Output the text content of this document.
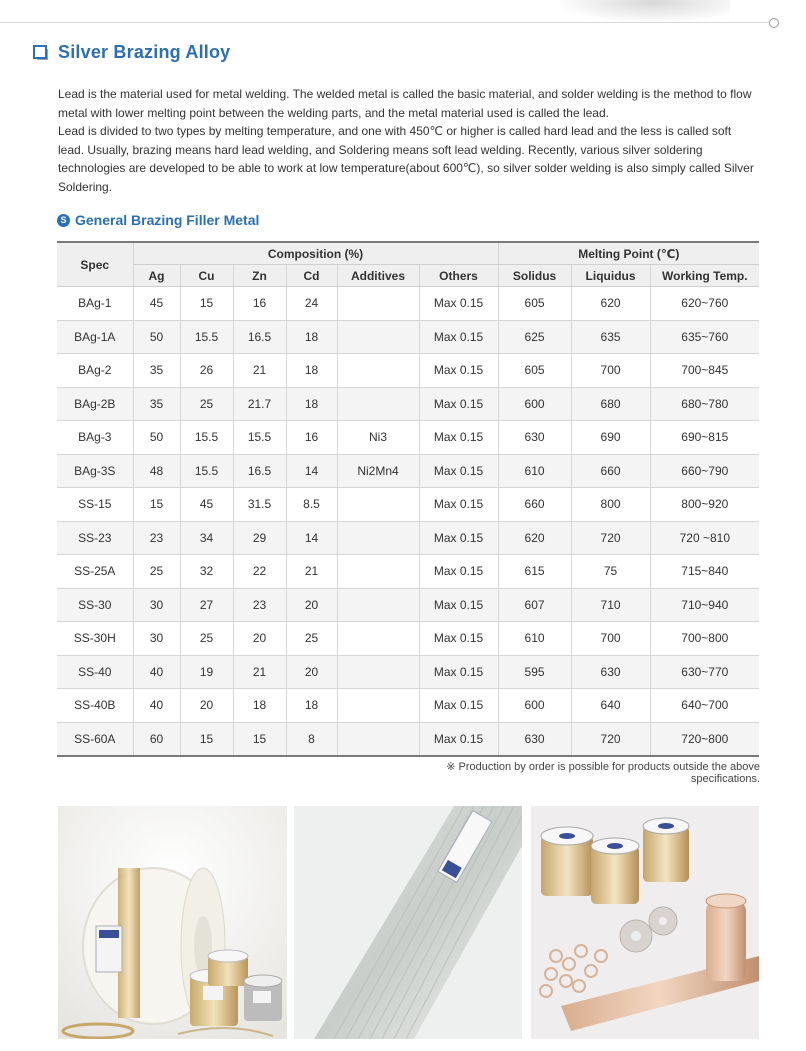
Silver Brazing Alloy

Lead is the material used for metal welding. The welded metal is called the basic material, and solder welding is the method to flow metal with lower melting point between the welding parts, and the metal material used is called the lead.

Lead is divided to two types by melting temperature, and one with 450℃ or higher is called hard lead and the less is called soft lead. Usually, brazing means hard lead welding, and Soldering means soft lead welding. Recently, various silver soldering technologies are developed to be able to work at low temperature(about 600℃), so silver solder welding is also simply called Silver Soldering.

S General Brazing Filler Metal
Spec	Composition (%)						Melting Point (℃)		
	Ag	Cu	Zn	Cd	Additives	Others	Solidus	Liquidus	Working Temp.
BAg-1	45	15	16	24		Max 0.15	605	620	620~760
BAg-1A	50	15.5	16.5	18		Max 0.15	625	635	635~760
BAg-2	35	26	21	18		Max 0.15	605	700	700~845
BAg-2B	35	25	21.7	18		Max 0.15	600	680	680~780
BAg-3	50	15.5	15.5	16	Ni3	Max 0.15	630	690	690~815
BAg-3S	48	15.5	16.5	14	Ni2Mn4	Max 0.15	610	660	660~790
SS-15	15	45	31.5	8.5		Max 0.15	660	800	800~920
SS-23	23	34	29	14		Max 0.15	620	720	720 ~810
SS-25A	25	32	22	21		Max 0.15	615	75	715~840
SS-30	30	27	23	20		Max 0.15	607	710	710~940
SS-30H	30	25	20	25		Max 0.15	610	700	700~800
SS-40	40	19	21	20		Max 0.15	595	630	630~770
SS-40B	40	20	18	18		Max 0.15	600	640	640~700
SS-60A	60	15	15	8		Max 0.15	630	720	720~800
※ Production by order is possible for products outside the above specifications.
